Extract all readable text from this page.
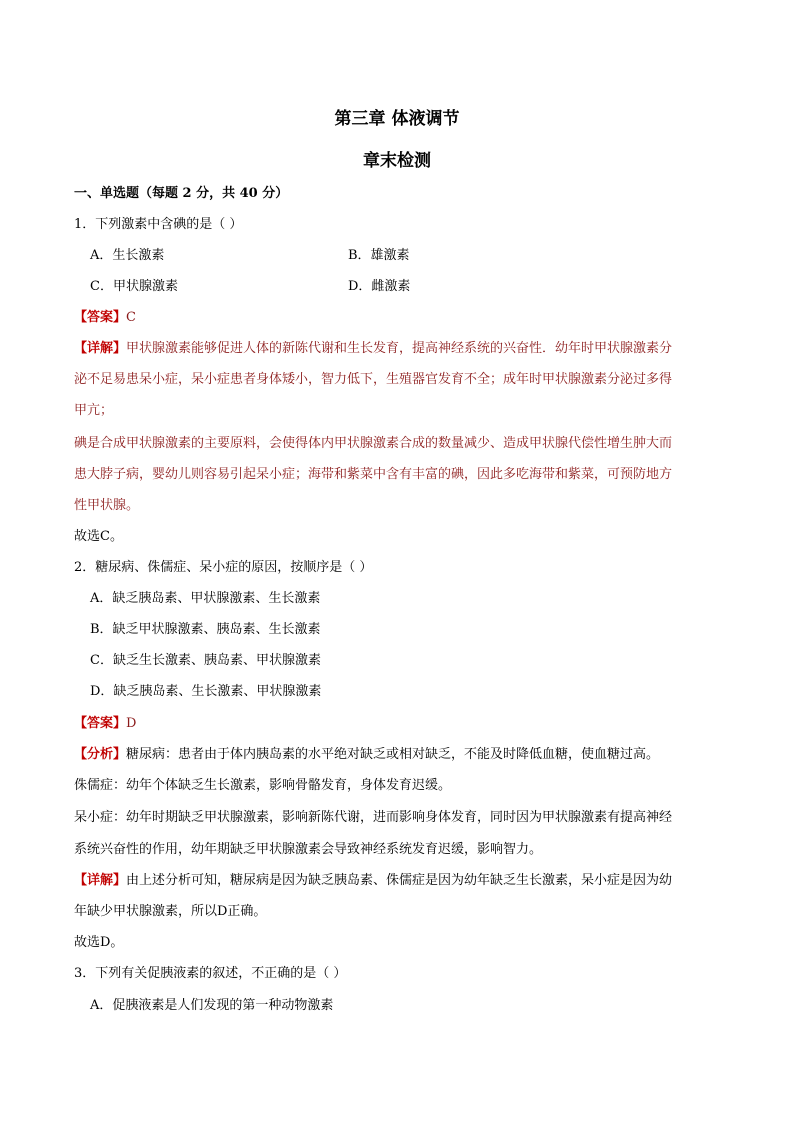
第三章 体液调节
章末检测
一、单选题（每题 2 分，共 40 分）
1．下列激素中含碘的是（ ）
A．生长激素	B．雄激素
C．甲状腺激素	D．雌激素
【答案】C
【详解】甲状腺激素能够促进人体的新陈代谢和生长发育，提高神经系统的兴奋性．幼年时甲状腺激素分
泌不足易患呆小症，呆小症患者身体矮小，智力低下，生殖器官发育不全；成年时甲状腺激素分泌过多得
甲亢；
碘是合成甲状腺激素的主要原料，会使得体内甲状腺激素合成的数量减少、造成甲状腺代偿性增生肿大而
患大脖子病，婴幼儿则容易引起呆小症；海带和紫菜中含有丰富的碘，因此多吃海带和紫菜，可预防地方
性甲状腺。
故选C。
2．糖尿病、侏儒症、呆小症的原因，按顺序是（ ）
A．缺乏胰岛素、甲状腺激素、生长激素
B．缺乏甲状腺激素、胰岛素、生长激素
C．缺乏生长激素、胰岛素、甲状腺激素
D．缺乏胰岛素、生长激素、甲状腺激素
【答案】D
【分析】糖尿病：患者由于体内胰岛素的水平绝对缺乏或相对缺乏，不能及时降低血糖，使血糖过高。
侏儒症：幼年个体缺乏生长激素，影响骨骼发育，身体发育迟缓。
呆小症：幼年时期缺乏甲状腺激素，影响新陈代谢，进而影响身体发育，同时因为甲状腺激素有提高神经
系统兴奋性的作用，幼年期缺乏甲状腺激素会导致神经系统发育迟缓，影响智力。
【详解】由上述分析可知，糖尿病是因为缺乏胰岛素、侏儒症是因为幼年缺乏生长激素，呆小症是因为幼
年缺少甲状腺激素，所以D正确。
故选D。
3．下列有关促胰液素的叙述，不正确的是（ ）
A．促胰液素是人们发现的第一种动物激素
